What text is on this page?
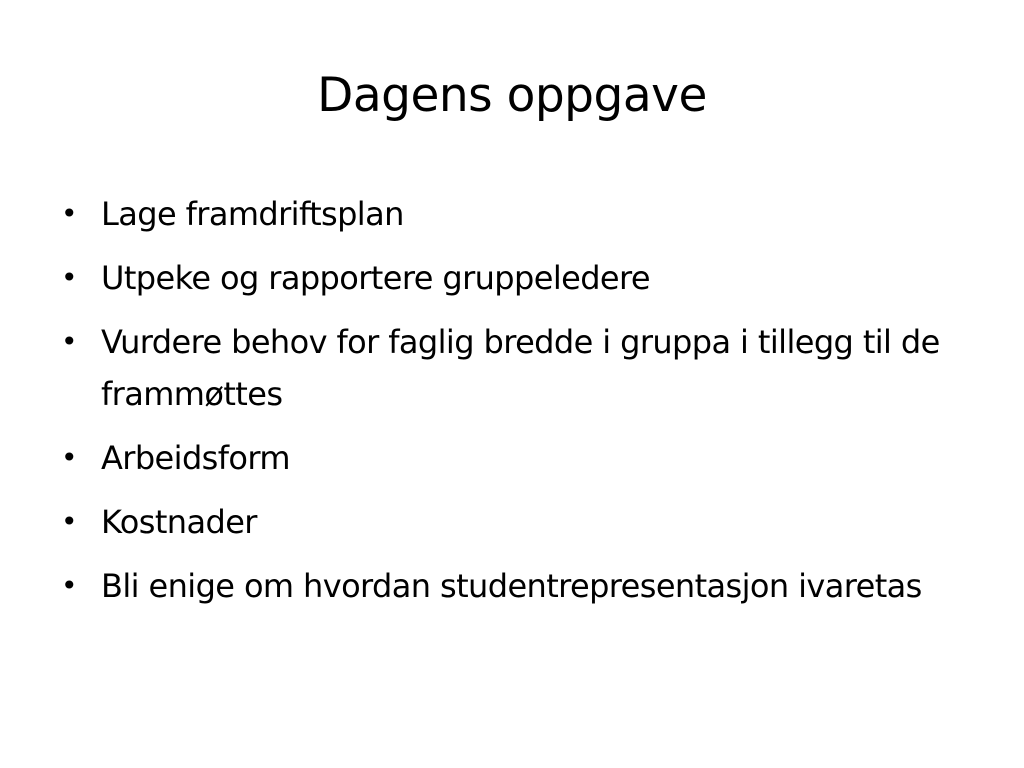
Dagens oppgave
• Lage framdriftsplan
• Utpeke og rapportere gruppeledere
• Vurdere behov for faglig bredde i gruppa i tillegg til de frammøttes
• Arbeidsform
• Kostnader
• Bli enige om hvordan studentrepresentasjon ivaretas
